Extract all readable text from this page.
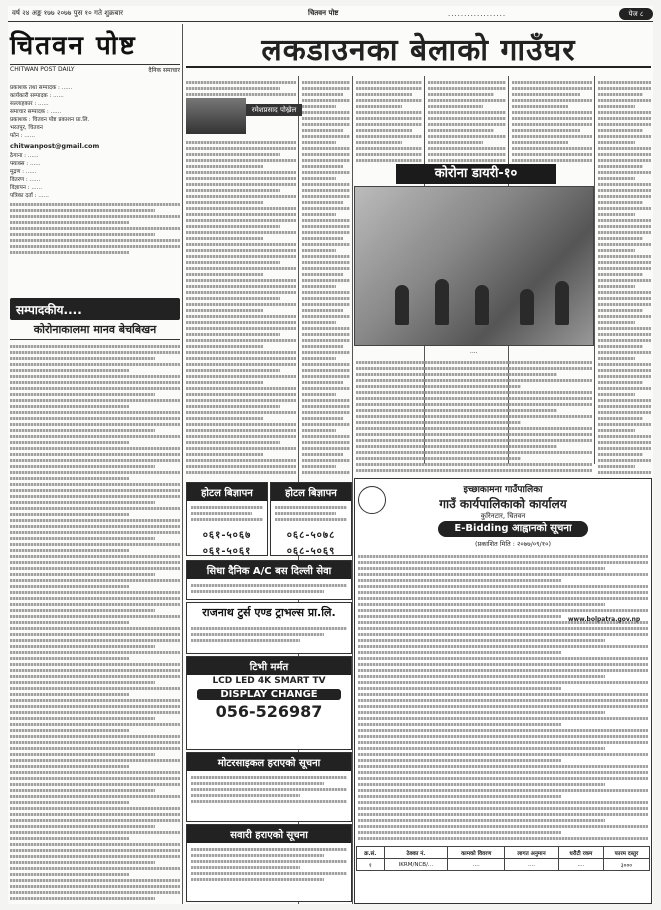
वर्ष २४ अङ्क १७७ २०७७ पुस १० गते शुक्रबार	चितवन पोष्ट	..................	पेज ८
चितवन पोष्ट
CHITWAN POST DAILY	दैनिक समाचार
प्रकाशक तथा सम्पादक : ......
कार्यकारी सम्पादक : ......
सल्लाहकार : ......
समाचार सम्पादक : ......
प्रकाशक : चितवन पोष्ट प्रकाशन प्रा.लि.
भरतपुर, चितवन
फोन : ......
chitwanpost@gmail.com
ठेगाना : ......
फ्याक्स : ......
मुद्रण : ......
वितरण : ......
विज्ञापन : ......
पत्रिका दर्ता : ......
सम्पादकीय....
कोरोनाकालमा मानव बेचबिखन
लकडाउनका बेलाको गाउँघर
रमेशप्रसाद पोख्रेल
कोरोना डायरी-१०
....
होटल बिज्ञापन
०६१-५०६७
०६१-५०६१
होटल बिज्ञापन
०६८-५०७८
०६८-५०६९
सिधा दैनिक A/C बस दिल्ली सेवा
राजनाथ टुर्स एण्ड ट्राभल्स प्रा.लि.
टिभी मर्मत
LCD LED 4K SMART TV
DISPLAY CHANGE
056-526987
मोटरसाइकल हराएको सूचना
सवारी हराएको सूचना
इच्छाकामना गाउँपालिका
गाउँ कार्यपालिकाको कार्यालय
कुरिनटार, चितवन
E-Bidding आह्वानको सूचना
(प्रकाशित मिति : २०७७/०९/१०)
www.bolpatra.gov.np
क्र.सं.	ठेक्का नं.	कामको विवरण	लागत अनुमान	धरौटी रकम	फारम दस्तुर
१	IKRM/NCB/...	....	....	....	३०००
